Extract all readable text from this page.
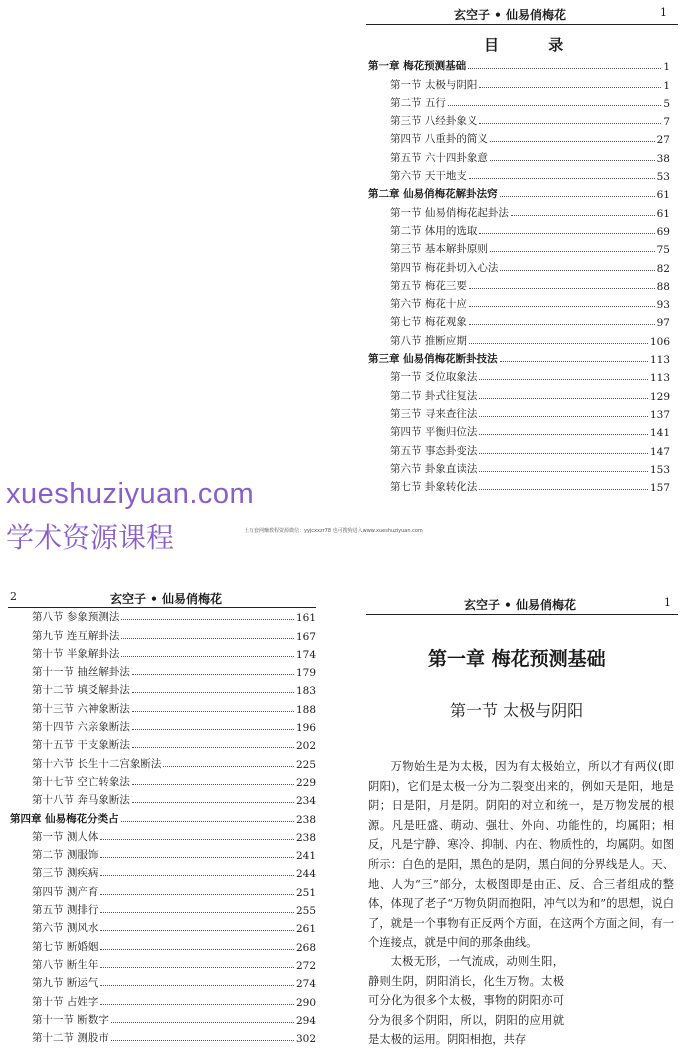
玄空子 • 仙易俏梅花	1
目 录
第一章 梅花预测基础	1
第一节 太极与阴阳	1
第二节 五行	5
第三节 八经卦象义	7
第四节 八重卦的简义	27
第五节 六十四卦象意	38
第六节 天干地支	53
第二章 仙易俏梅花解卦法窍	61
第一节 仙易俏梅花起卦法	61
第二节 体用的选取	69
第三节 基本解卦原则	75
第四节 梅花卦切入心法	82
第五节 梅花三要	88
第六节 梅花十应	93
第七节 梅花观象	97
第八节 推断应期	106
第三章 仙易俏梅花断卦技法	113
第一节 爻位取象法	113
第二节 卦式往复法	129
第三节 寻来查往法	137
第四节 平衡归位法	141
第五节 事态卦变法	147
第六节 卦象直读法	153
第七节 卦象转化法	157
xueshuziyuan.com
学术资源课程	上万套网赚教程资源微信：yyjcxxzr78 也可搜狗进入www.xueshuziyuan.com
2	玄空子 • 仙易俏梅花
第八节 参象预测法	161
第九节 连互解卦法	167
第十节 半象解卦法	174
第十一节 抽丝解卦法	179
第十二节 填爻解卦法	183
第十三节 六神象断法	188
第十四节 六亲象断法	196
第十五节 干支象断法	202
第十六节 长生十二宫象断法	225
第十七节 空亡转象法	229
第十八节 奔马象断法	234
第四章 仙易梅花分类占	238
第一节 测人体	238
第二节 测服饰	241
第三节 测疾病	244
第四节 测产育	251
第五节 测排行	255
第六节 测风水	261
第七节 断婚姻	268
第八节 断生年	272
第九节 断运气	274
第十节 占姓字	290
第十一节 断数字	294
第十二节 测股市	302
玄空子 • 仙易俏梅花	1
第一章 梅花预测基础
第一节 太极与阴阳

万物始生是为太极，因为有太极始立，所以才有两仪(即阴阳)，它们是太极一分为二裂变出来的，例如天是阳，地是阴；日是阳，月是阴。阴阳的对立和统一，是万物发展的根源。凡是旺盛、萌动、强壮、外向、功能性的，均属阳；相反，凡是宁静、寒冷、抑制、内在、物质性的，均属阴。如图所示：白色的是阳，黑色的是阴，黑白间的分界线是人。天、地、人为“三”部分，太极图即是由正、反、合三者组成的整体，体现了老子“万物负阴而抱阳，冲气以为和”的思想，说白了，就是一个事物有正反两个方面，在这两个方面之间，有一个连接点，就是中间的那条曲线。

太极无形，一气流成，动则生阳，静则生阴，阴阳消长，化生万物。太极可分化为很多个太极，事物的阴阳亦可分为很多个阴阳，所以，阴阳的应用就是太极的运用。阴阳相抱，共存
